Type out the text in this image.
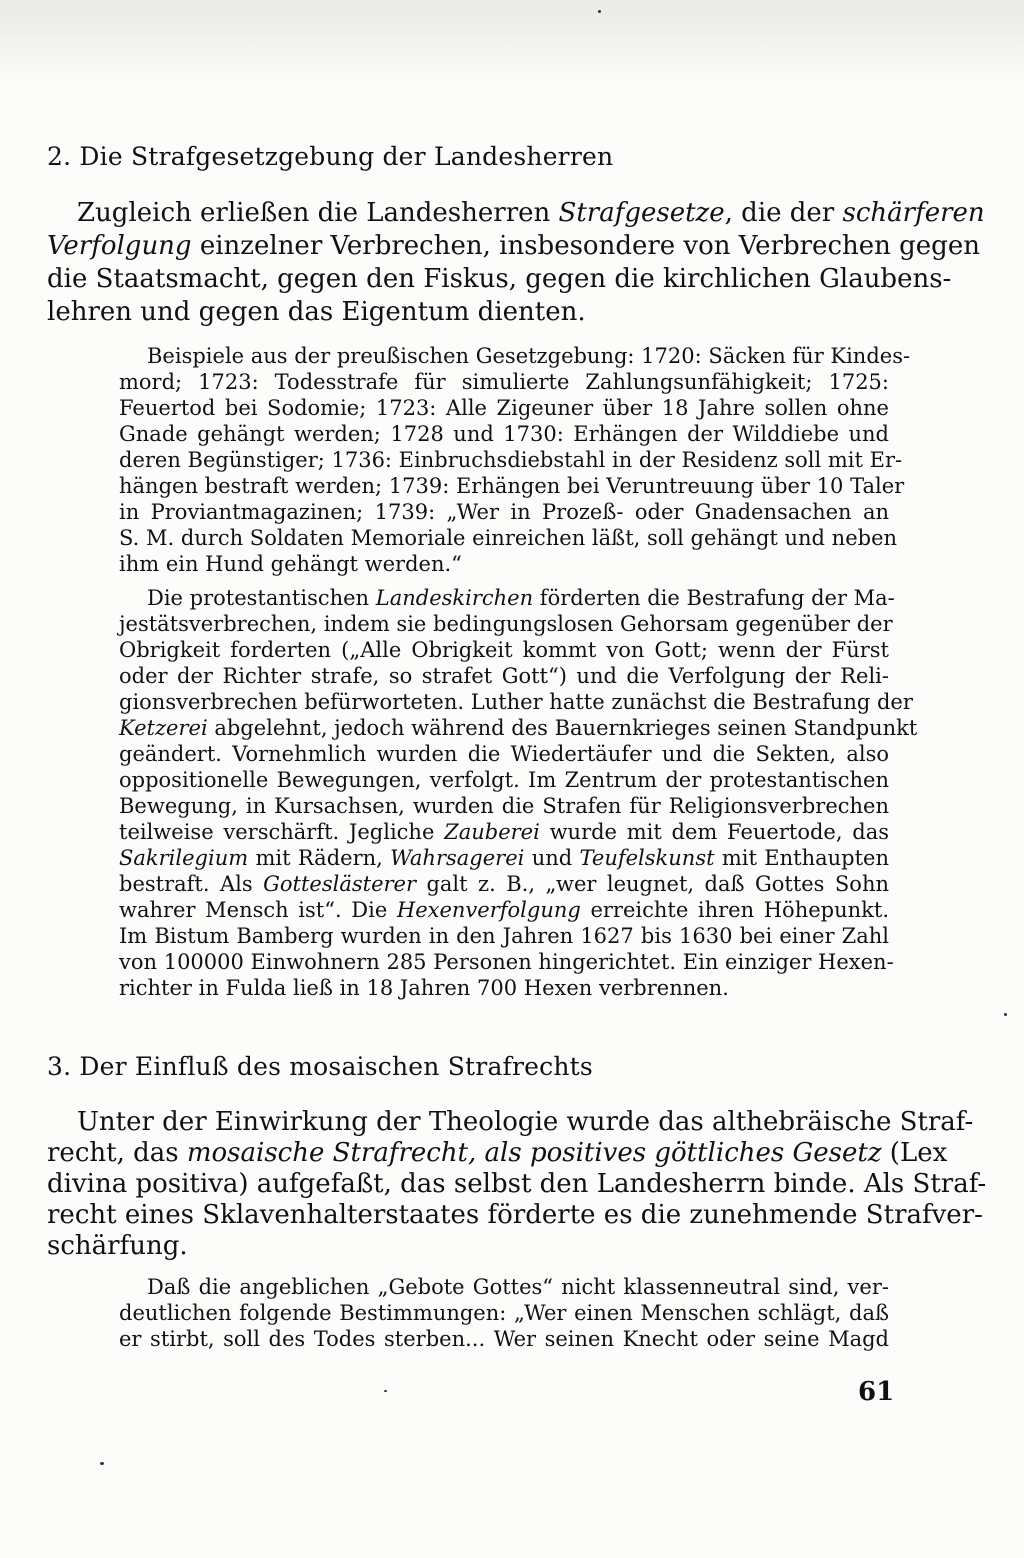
2. Die Strafgesetzgebung der Landesherren

Zugleich erließen die Landesherren Strafgesetze, die der schärferen

Verfolgung einzelner Verbrechen, insbesondere von Verbrechen gegen

die Staatsmacht, gegen den Fiskus, gegen die kirchlichen Glaubens-

lehren und gegen das Eigentum dienten.

Beispiele aus der preußischen Gesetzgebung: 1720: Säcken für Kindes-

mord; 1723: Todesstrafe für simulierte Zahlungsunfähigkeit; 1725:

Feuertod bei Sodomie; 1723: Alle Zigeuner über 18 Jahre sollen ohne

Gnade gehängt werden; 1728 und 1730: Erhängen der Wilddiebe und

deren Begünstiger; 1736: Einbruchsdiebstahl in der Residenz soll mit Er-

hängen bestraft werden; 1739: Erhängen bei Veruntreuung über 10 Taler

in Proviantmagazinen; 1739: „Wer in Prozeß- oder Gnadensachen an

S. M. durch Soldaten Memoriale einreichen läßt, soll gehängt und neben

ihm ein Hund gehängt werden.“

Die protestantischen Landeskirchen förderten die Bestrafung der Ma-

jestätsverbrechen, indem sie bedingungslosen Gehorsam gegenüber der

Obrigkeit forderten („Alle Obrigkeit kommt von Gott; wenn der Fürst

oder der Richter strafe, so strafet Gott“) und die Verfolgung der Reli-

gionsverbrechen befürworteten. Luther hatte zunächst die Bestrafung der

Ketzerei abgelehnt, jedoch während des Bauernkrieges seinen Standpunkt

geändert. Vornehmlich wurden die Wiedertäufer und die Sekten, also

oppositionelle Bewegungen, verfolgt. Im Zentrum der protestantischen

Bewegung, in Kursachsen, wurden die Strafen für Religionsverbrechen

teilweise verschärft. Jegliche Zauberei wurde mit dem Feuertode, das

Sakrilegium mit Rädern, Wahrsagerei und Teufelskunst mit Enthaupten

bestraft. Als Gotteslästerer galt z. B., „wer leugnet, daß Gottes Sohn

wahrer Mensch ist“. Die Hexenverfolgung erreichte ihren Höhepunkt.

Im Bistum Bamberg wurden in den Jahren 1627 bis 1630 bei einer Zahl

von 100000 Einwohnern 285 Personen hingerichtet. Ein einziger Hexen-

richter in Fulda ließ in 18 Jahren 700 Hexen verbrennen.

3. Der Einfluß des mosaischen Strafrechts

Unter der Einwirkung der Theologie wurde das althebräische Straf-

recht, das mosaische Strafrecht, als positives göttliches Gesetz (Lex

divina positiva) aufgefaßt, das selbst den Landesherrn binde. Als Straf-

recht eines Sklavenhalterstaates förderte es die zunehmende Strafver-

schärfung.

Daß die angeblichen „Gebote Gottes“ nicht klassenneutral sind, ver-

deutlichen folgende Bestimmungen: „Wer einen Menschen schlägt, daß

er stirbt, soll des Todes sterben... Wer seinen Knecht oder seine Magd

61
